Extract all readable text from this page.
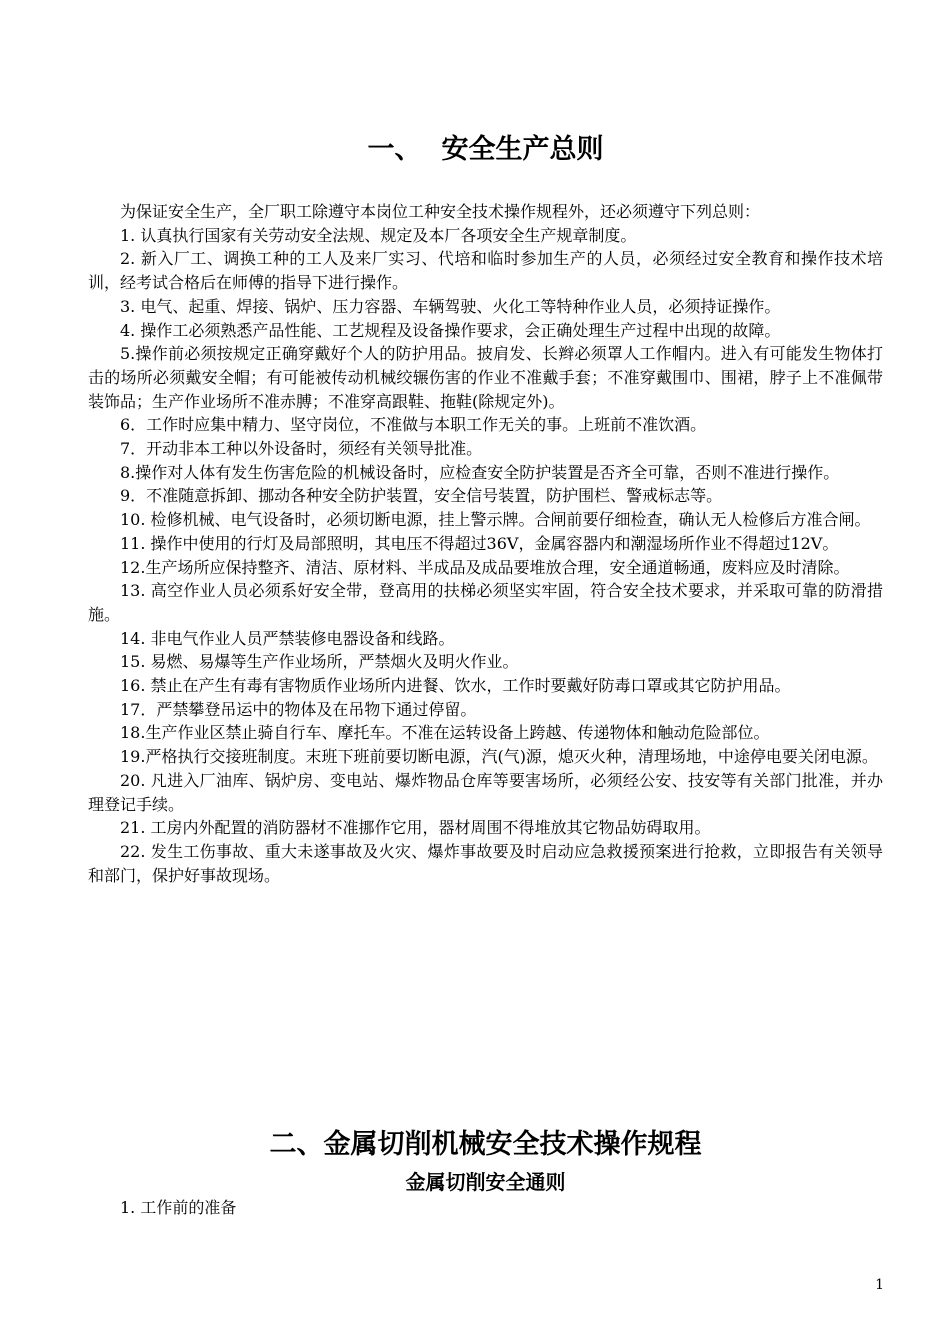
一、 安全生产总则

为保证安全生产，全厂职工除遵守本岗位工种安全技术操作规程外，还必须遵守下列总则：

1. 认真执行国家有关劳动安全法规、规定及本厂各项安全生产规章制度。

2. 新入厂工、调换工种的工人及来厂实习、代培和临时参加生产的人员，必须经过安全教育和操作技术培训，经考试合格后在师傅的指导下进行操作。

3. 电气、起重、焊接、锅炉、压力容器、车辆驾驶、火化工等特种作业人员，必须持证操作。

4. 操作工必须熟悉产品性能、工艺规程及设备操作要求，会正确处理生产过程中出现的故障。

5.操作前必须按规定正确穿戴好个人的防护用品。披肩发、长辫必须罩人工作帽内。进入有可能发生物体打击的场所必须戴安全帽；有可能被传动机械绞辗伤害的作业不准戴手套；不准穿戴围巾、围裙，脖子上不准佩带装饰品；生产作业场所不准赤膊；不准穿高跟鞋、拖鞋(除规定外)。

6．工作时应集中精力、坚守岗位，不准做与本职工作无关的事。上班前不准饮酒。

7．开动非本工种以外设备时，须经有关领导批准。

8.操作对人体有发生伤害危险的机械设备时，应检查安全防护装置是否齐全可靠，否则不准进行操作。

9．不准随意拆卸、挪动各种安全防护装置，安全信号装置，防护围栏、警戒标志等。

10. 检修机械、电气设备时，必须切断电源，挂上警示牌。合闸前要仔细检查，确认无人检修后方准合闸。

11. 操作中使用的行灯及局部照明，其电压不得超过36V，金属容器内和潮湿场所作业不得超过12V。

12.生产场所应保持整齐、清洁、原材料、半成品及成品要堆放合理，安全通道畅通，废料应及时清除。

13. 高空作业人员必须系好安全带，登高用的扶梯必须坚实牢固，符合安全技术要求，并采取可靠的防滑措施。

14. 非电气作业人员严禁装修电器设备和线路。

15. 易燃、易爆等生产作业场所，严禁烟火及明火作业。

16. 禁止在产生有毒有害物质作业场所内进餐、饮水，工作时要戴好防毒口罩或其它防护用品。

17．严禁攀登吊运中的物体及在吊物下通过停留。

18.生产作业区禁止骑自行车、摩托车。不准在运转设备上跨越、传递物体和触动危险部位。

19.严格执行交接班制度。末班下班前要切断电源，汽(气)源，熄灭火种，清理场地，中途停电要关闭电源。

20. 凡进入厂油库、锅炉房、变电站、爆炸物品仓库等要害场所，必须经公安、技安等有关部门批准，并办理登记手续。

21. 工房内外配置的消防器材不准挪作它用，器材周围不得堆放其它物品妨碍取用。

22. 发生工伤事故、重大未遂事故及火灾、爆炸事故要及时启动应急救援预案进行抢救，立即报告有关领导和部门，保护好事故现场。

二、金属切削机械安全技术操作规程
金属切削安全通则
1. 工作前的准备
1
